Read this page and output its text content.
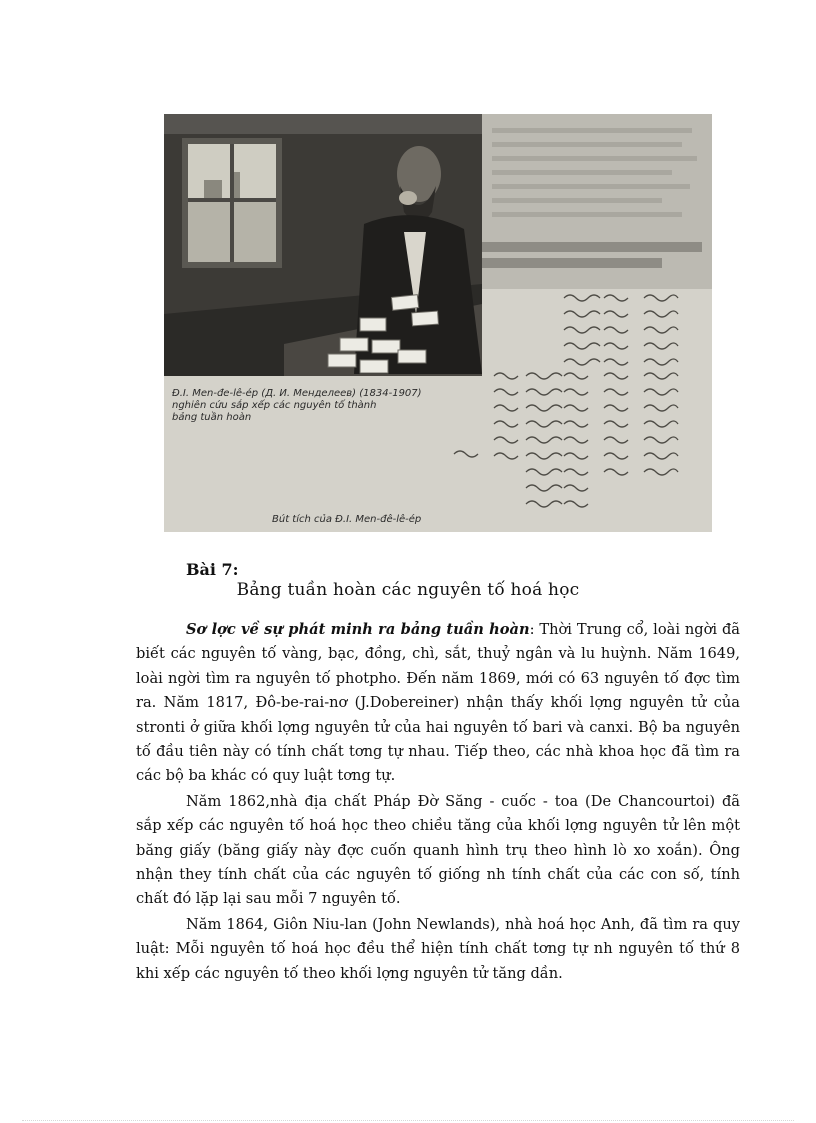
Đ.I. Men-đe-lê-ép (Д. И. Менделеев) (1834-1907)
nghiên cứu sắp xếp các nguyên tố thành
bảng tuần hoàn
Bút tích của Đ.I. Men-đê-lê-ép
Bài 7:
Bảng tuần hoàn các nguyên tố hoá học

Sơ lợc về sự phát minh ra bảng tuần hoàn: Thời Trung cổ, loài ngời đã biết các nguyên tố vàng, bạc, đồng, chì, sắt, thuỷ ngân và lu huỳnh. Năm 1649, loài ngời tìm ra nguyên tố photpho. Đến năm 1869, mới có 63 nguyên tố đợc tìm ra. Năm 1817, Đô-be-rai-nơ (J.Dobereiner) nhận thấy khối lợng nguyên tử của stronti ở giữa khối lợng nguyên tử của hai nguyên tố bari và canxi. Bộ ba nguyên tố đầu tiên này có tính chất tơng tự nhau. Tiếp theo, các nhà khoa học đã tìm ra các bộ ba khác có quy luật tơng tự.

Năm 1862,nhà địa chất Pháp Đờ Săng - cuốc - toa (De Chancourtoi) đã sắp xếp các nguyên tố hoá học theo chiều tăng của khối lợng nguyên tử lên một băng giấy (băng giấy này đợc cuốn quanh hình trụ theo hình lò xo xoắn). Ông nhận they tính chất của các nguyên tố giống nh tính chất của các con số, tính chất đó lặp lại sau mỗi 7 nguyên tố.

Năm 1864, Giôn Niu-lan (John Newlands), nhà hoá học Anh, đã tìm ra quy luật: Mỗi nguyên tố hoá học đều thể hiện tính chất tơng tự nh nguyên tố thứ 8 khi xếp các nguyên tố theo khối lợng nguyên tử tăng dần.
